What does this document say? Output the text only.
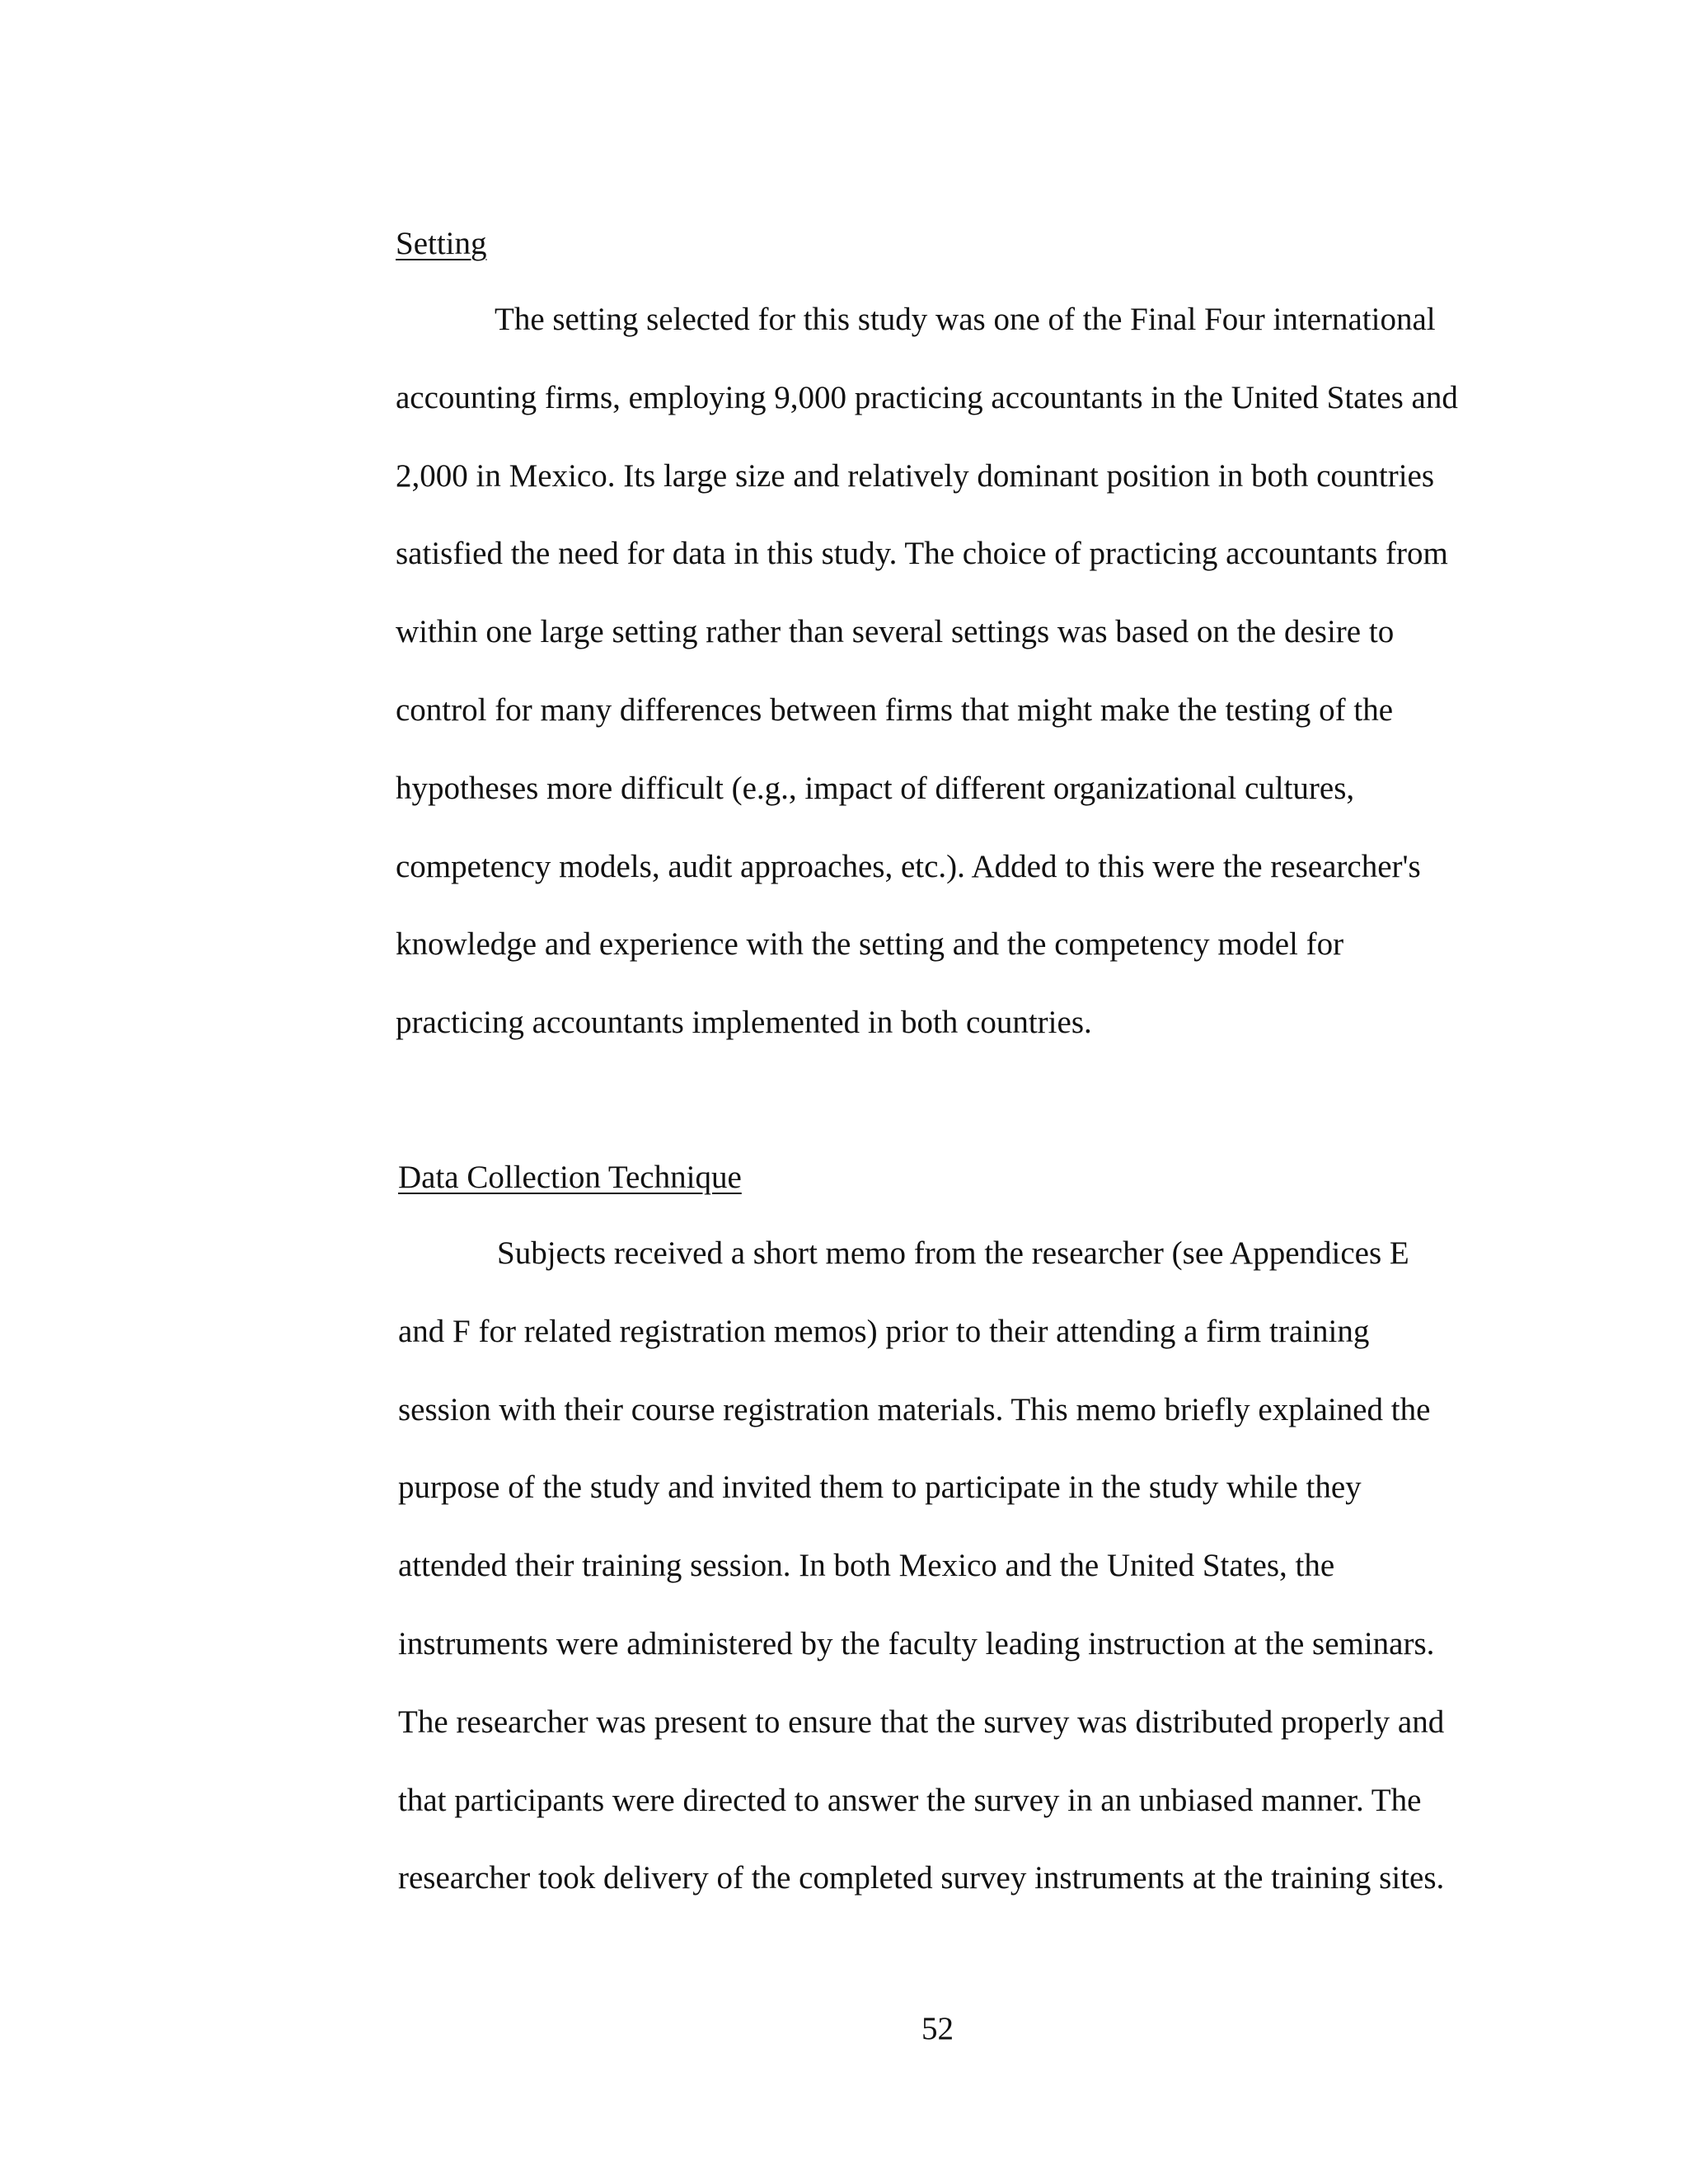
Setting

The setting selected for this study was one of the Final Four international

accounting firms, employing 9,000 practicing accountants in the United States and

2,000 in Mexico. Its large size and relatively dominant position in both countries

satisfied the need for data in this study. The choice of practicing accountants from

within one large setting rather than several settings was based on the desire to

control for many differences between firms that might make the testing of the

hypotheses more difficult (e.g., impact of different organizational cultures,

competency models, audit approaches, etc.). Added to this were the researcher's

knowledge and experience with the setting and the competency model for

practicing accountants implemented in both countries.

Data Collection Technique

Subjects received a short memo from the researcher (see Appendices E

and F for related registration memos) prior to their attending a firm training

session with their course registration materials. This memo briefly explained the

purpose of the study and invited them to participate in the study while they

attended their training session. In both Mexico and the United States, the

instruments were administered by the faculty leading instruction at the seminars.

The researcher was present to ensure that the survey was distributed properly and

that participants were directed to answer the survey in an unbiased manner. The

researcher took delivery of the completed survey instruments at the training sites.

52
